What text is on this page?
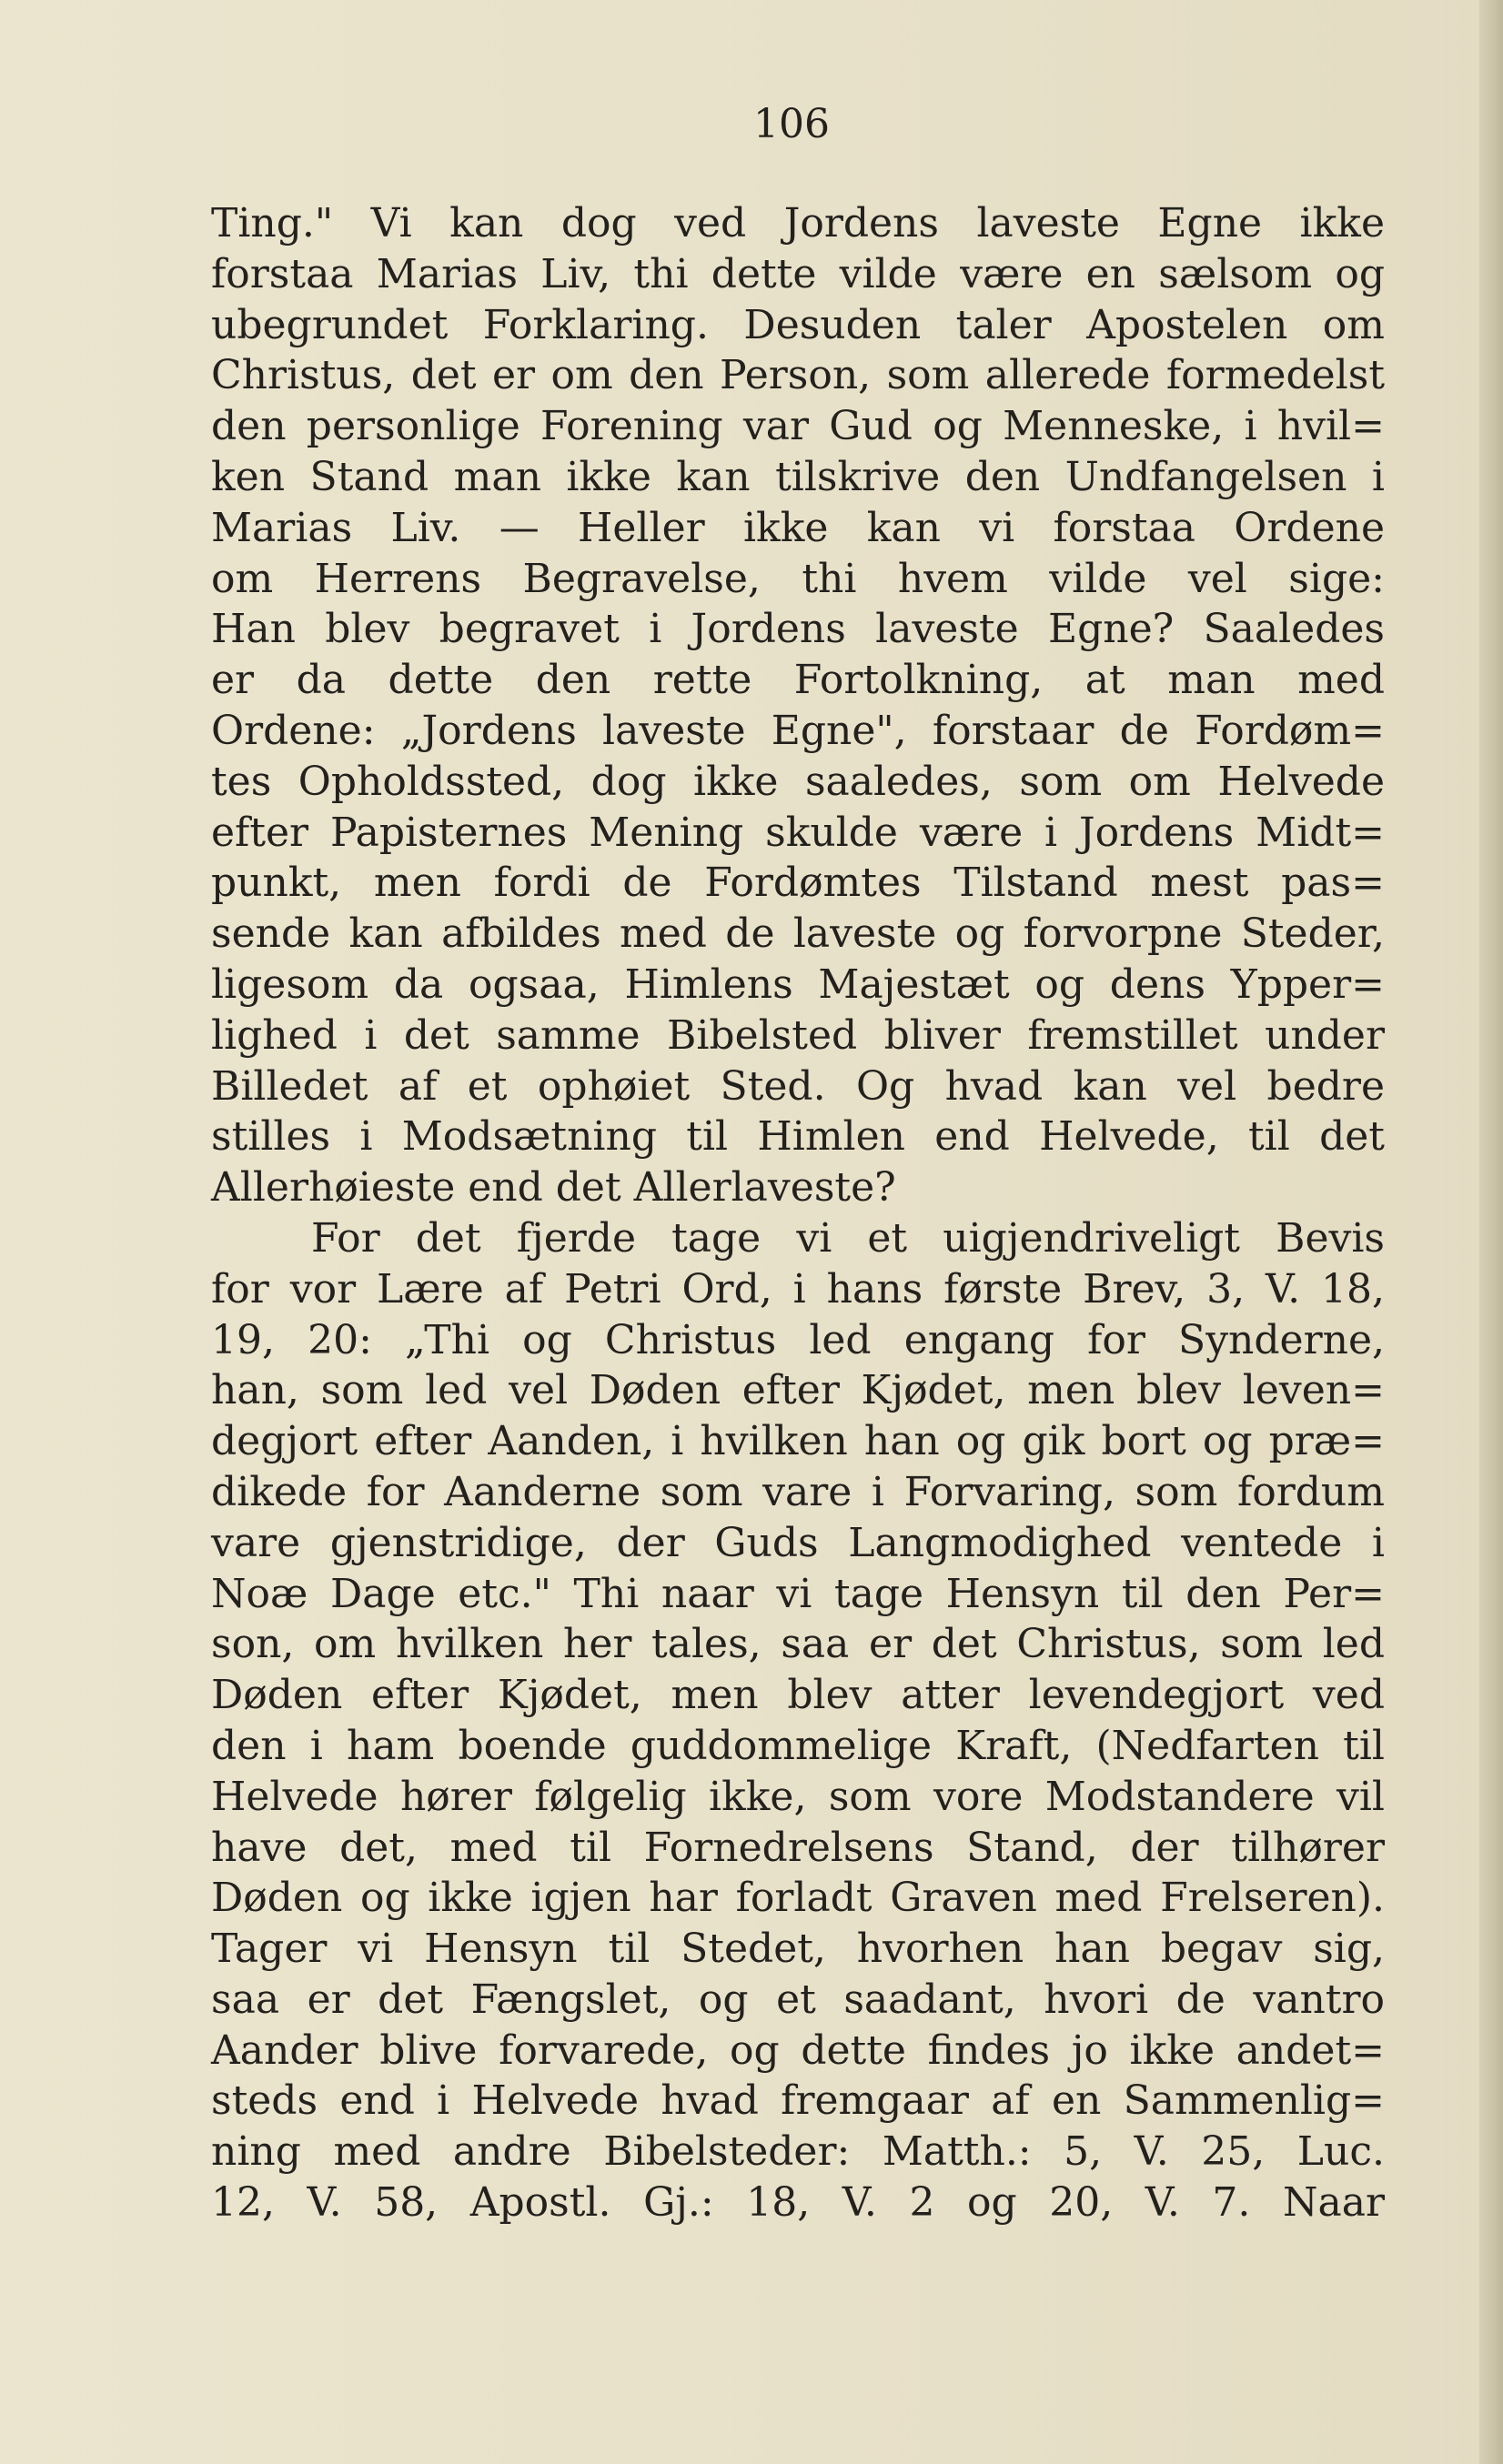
106
Ting." Vi kan dog ved Jordens laveste Egne ikke
forstaa Marias Liv, thi dette vilde være en sælsom og
ubegrundet Forklaring. Desuden taler Apostelen om
Christus, det er om den Person, som allerede formedelst
den personlige Forening var Gud og Menneske, i hvil=
ken Stand man ikke kan tilskrive den Undfangelsen i
Marias Liv. — Heller ikke kan vi forstaa Ordene
om Herrens Begravelse, thi hvem vilde vel sige:
Han blev begravet i Jordens laveste Egne? Saaledes
er da dette den rette Fortolkning, at man med
Ordene: „Jordens laveste Egne", forstaar de Fordøm=
tes Opholdssted, dog ikke saaledes, som om Helvede
efter Papisternes Mening skulde være i Jordens Midt=
punkt, men fordi de Fordømtes Tilstand mest pas=
sende kan afbildes med de laveste og forvorpne Steder,
ligesom da ogsaa, Himlens Majestæt og dens Ypper=
lighed i det samme Bibelsted bliver fremstillet under
Billedet af et ophøiet Sted. Og hvad kan vel bedre
stilles i Modsætning til Himlen end Helvede, til det
Allerhøieste end det Allerlaveste?
For det fjerde tage vi et uigjendriveligt Bevis
for vor Lære af Petri Ord, i hans første Brev, 3, V. 18,
19, 20: „Thi og Christus led engang for Synderne,
han, som led vel Døden efter Kjødet, men blev leven=
degjort efter Aanden, i hvilken han og gik bort og præ=
dikede for Aanderne som vare i Forvaring, som fordum
vare gjenstridige, der Guds Langmodighed ventede i
Noæ Dage etc." Thi naar vi tage Hensyn til den Per=
son, om hvilken her tales, saa er det Christus, som led
Døden efter Kjødet, men blev atter levendegjort ved
den i ham boende guddommelige Kraft, (Nedfarten til
Helvede hører følgelig ikke, som vore Modstandere vil
have det, med til Fornedrelsens Stand, der tilhører
Døden og ikke igjen har forladt Graven med Frelseren).
Tager vi Hensyn til Stedet, hvorhen han begav sig,
saa er det Fængslet, og et saadant, hvori de vantro
Aander blive forvarede, og dette findes jo ikke andet=
steds end i Helvede hvad fremgaar af en Sammenlig=
ning med andre Bibelsteder: Matth.: 5, V. 25, Luc.
12, V. 58, Apostl. Gj.: 18, V. 2 og 20, V. 7. Naar
